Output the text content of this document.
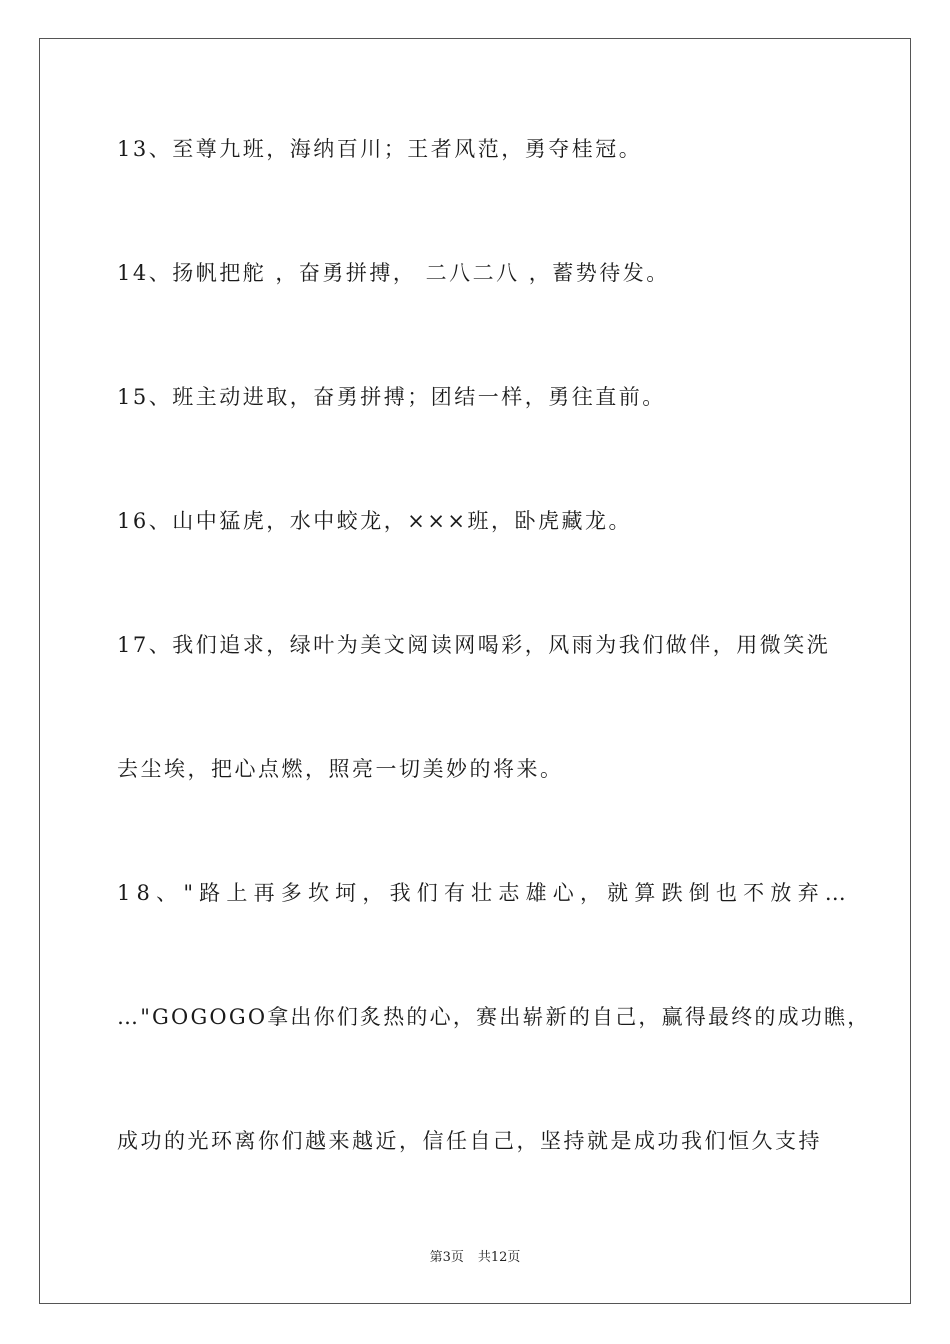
13、至尊九班，海纳百川；王者风范，勇夺桂冠。
14、扬帆把舵 ，奋勇拼搏， 二八二八 ，蓄势待发。
15、班主动进取，奋勇拼搏；团结一样，勇往直前。
16、山中猛虎，水中蛟龙，×××班，卧虎藏龙。
17、我们追求，绿叶为美文阅读网喝彩，风雨为我们做伴，用微笑洗
去尘埃，把心点燃，照亮一切美妙的将来。
18、"路上再多坎坷，我们有壮志雄心，就算跌倒也不放弃…
…"GOGOGO拿出你们炙热的心，赛出崭新的自己，赢得最终的成功瞧，
成功的光环离你们越来越近，信任自己，坚持就是成功我们恒久支持
第3页 共12页
